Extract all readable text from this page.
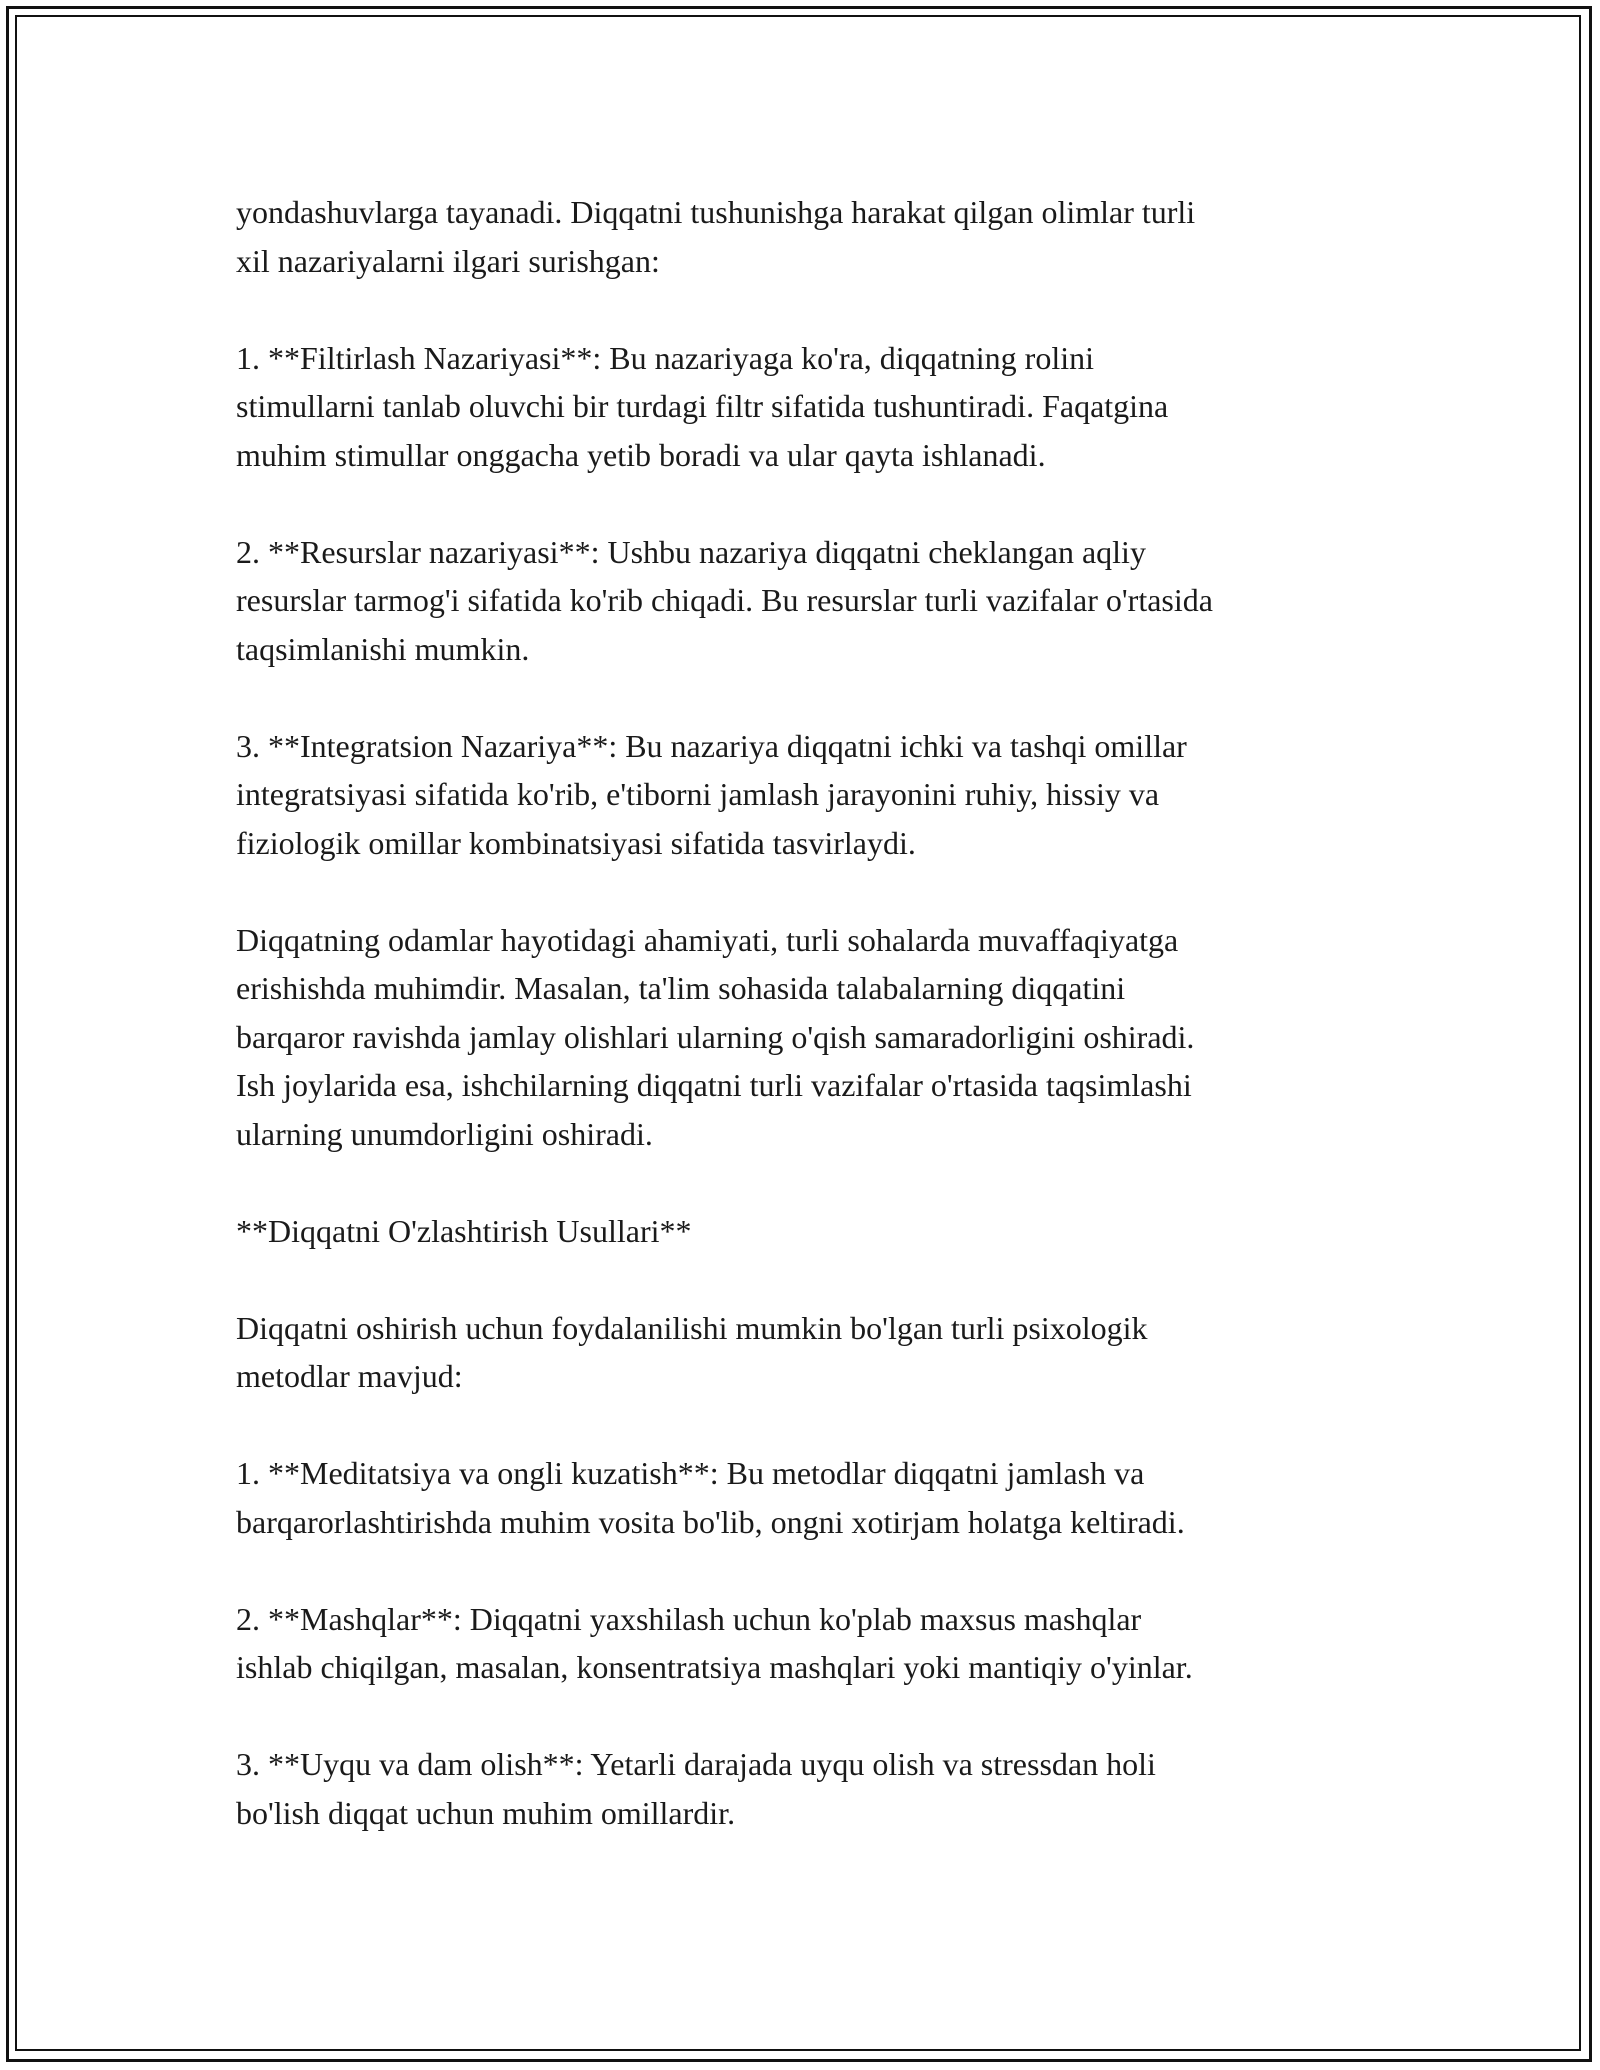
yondashuvlarga tayanadi. Diqqatni tushunishga harakat qilgan olimlar turli
xil nazariyalarni ilgari surishgan:

1. **Filtirlash Nazariyasi**: Bu nazariyaga ko'ra, diqqatning rolini
stimullarni tanlab oluvchi bir turdagi filtr sifatida tushuntiradi. Faqatgina
muhim stimullar onggacha yetib boradi va ular qayta ishlanadi.

2. **Resurslar nazariyasi**: Ushbu nazariya diqqatni cheklangan aqliy
resurslar tarmog'i sifatida ko'rib chiqadi. Bu resurslar turli vazifalar o'rtasida
taqsimlanishi mumkin.

3. **Integratsion Nazariya**: Bu nazariya diqqatni ichki va tashqi omillar
integratsiyasi sifatida ko'rib, e'tiborni jamlash jarayonini ruhiy, hissiy va
fiziologik omillar kombinatsiyasi sifatida tasvirlaydi.

Diqqatning odamlar hayotidagi ahamiyati, turli sohalarda muvaffaqiyatga
erishishda muhimdir. Masalan, ta'lim sohasida talabalarning diqqatini
barqaror ravishda jamlay olishlari ularning o'qish samaradorligini oshiradi.
Ish joylarida esa, ishchilarning diqqatni turli vazifalar o'rtasida taqsimlashi
ularning unumdorligini oshiradi.

**Diqqatni O'zlashtirish Usullari**

Diqqatni oshirish uchun foydalanilishi mumkin bo'lgan turli psixologik
metodlar mavjud:

1. **Meditatsiya va ongli kuzatish**: Bu metodlar diqqatni jamlash va
barqarorlashtirishda muhim vosita bo'lib, ongni xotirjam holatga keltiradi.

2. **Mashqlar**: Diqqatni yaxshilash uchun ko'plab maxsus mashqlar
ishlab chiqilgan, masalan, konsentratsiya mashqlari yoki mantiqiy o'yinlar.

3. **Uyqu va dam olish**: Yetarli darajada uyqu olish va stressdan holi
bo'lish diqqat uchun muhim omillardir.
